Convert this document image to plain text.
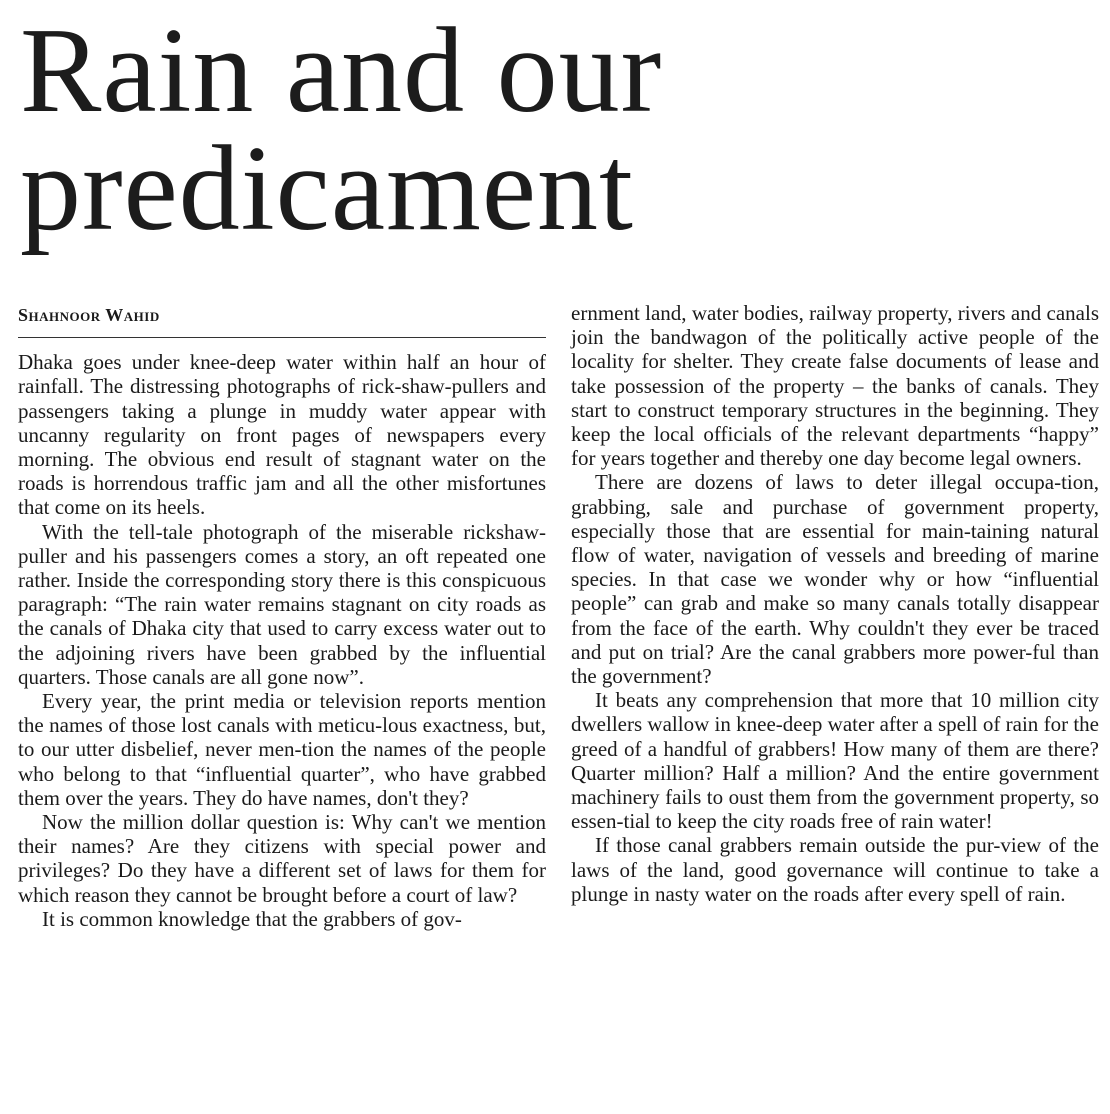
Rain and our predicament
Shahnoor Wahid

Dhaka goes under knee-deep water within half an hour of rainfall. The distressing photographs of rick-shaw-pullers and passengers taking a plunge in muddy water appear with uncanny regularity on front pages of newspapers every morning. The obvious end result of stagnant water on the roads is horrendous traffic jam and all the other misfortunes that come on its heels.

With the tell-tale photograph of the miserable rickshaw-puller and his passengers comes a story, an oft repeated one rather. Inside the corresponding story there is this conspicuous paragraph: “The rain water remains stagnant on city roads as the canals of Dhaka city that used to carry excess water out to the adjoining rivers have been grabbed by the influential quarters. Those canals are all gone now”.

Every year, the print media or television reports mention the names of those lost canals with meticu-lous exactness, but, to our utter disbelief, never men-tion the names of the people who belong to that “influential quarter”, who have grabbed them over the years. They do have names, don't they?

Now the million dollar question is: Why can't we mention their names? Are they citizens with special power and privileges? Do they have a different set of laws for them for which reason they cannot be brought before a court of law?

It is common knowledge that the grabbers of gov-

ernment land, water bodies, railway property, rivers and canals join the bandwagon of the politically active people of the locality for shelter. They create false documents of lease and take possession of the property – the banks of canals. They start to construct temporary structures in the beginning. They keep the local officials of the relevant departments “happy” for years together and thereby one day become legal owners.

There are dozens of laws to deter illegal occupa-tion, grabbing, sale and purchase of government property, especially those that are essential for main-taining natural flow of water, navigation of vessels and breeding of marine species. In that case we wonder why or how “influential people” can grab and make so many canals totally disappear from the face of the earth. Why couldn't they ever be traced and put on trial? Are the canal grabbers more power-ful than the government?

It beats any comprehension that more that 10 million city dwellers wallow in knee-deep water after a spell of rain for the greed of a handful of grabbers! How many of them are there? Quarter million? Half a million? And the entire government machinery fails to oust them from the government property, so essen-tial to keep the city roads free of rain water!

If those canal grabbers remain outside the pur-view of the laws of the land, good governance will continue to take a plunge in nasty water on the roads after every spell of rain.
